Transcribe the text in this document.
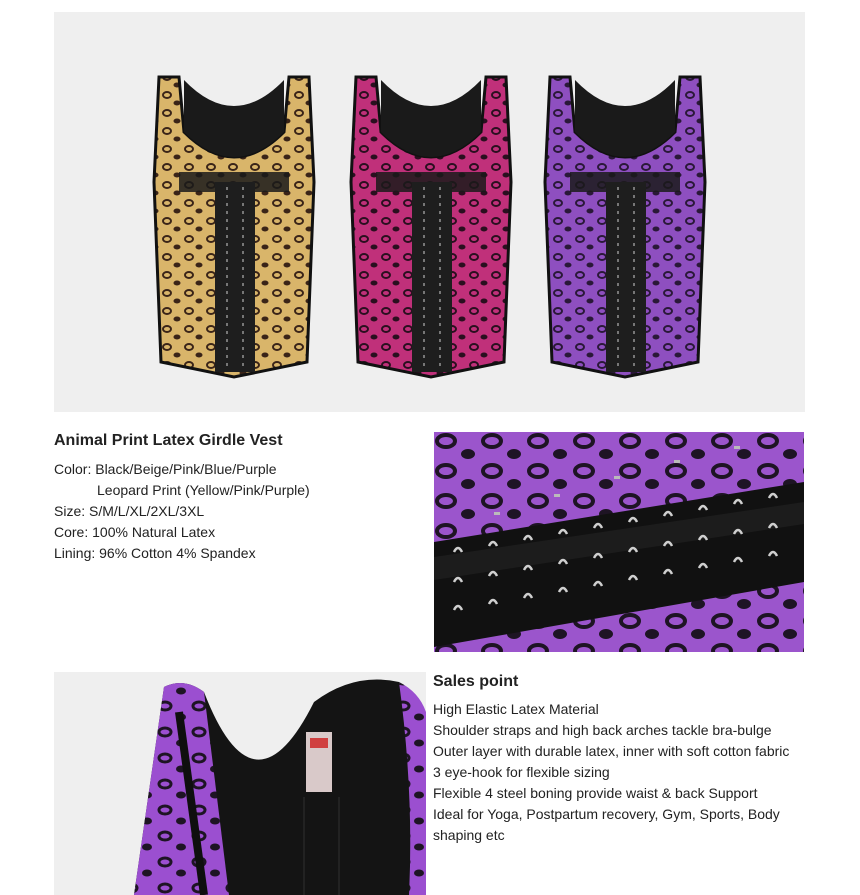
Animal Print Latex Girdle Vest
Color: Black/Beige/Pink/Blue/Purple
Leopard Print (Yellow/Pink/Purple)
Size: S/M/L/XL/2XL/3XL
Core: 100% Natural Latex
Lining: 96% Cotton 4% Spandex
Sales point
High Elastic Latex Material
Shoulder straps and high back arches tackle bra-bulge
Outer layer with durable latex, inner with soft cotton fabric
3 eye-hook for flexible sizing
Flexible 4 steel boning provide waist & back Support
Ideal for Yoga, Postpartum recovery, Gym, Sports, Body
shaping etc
